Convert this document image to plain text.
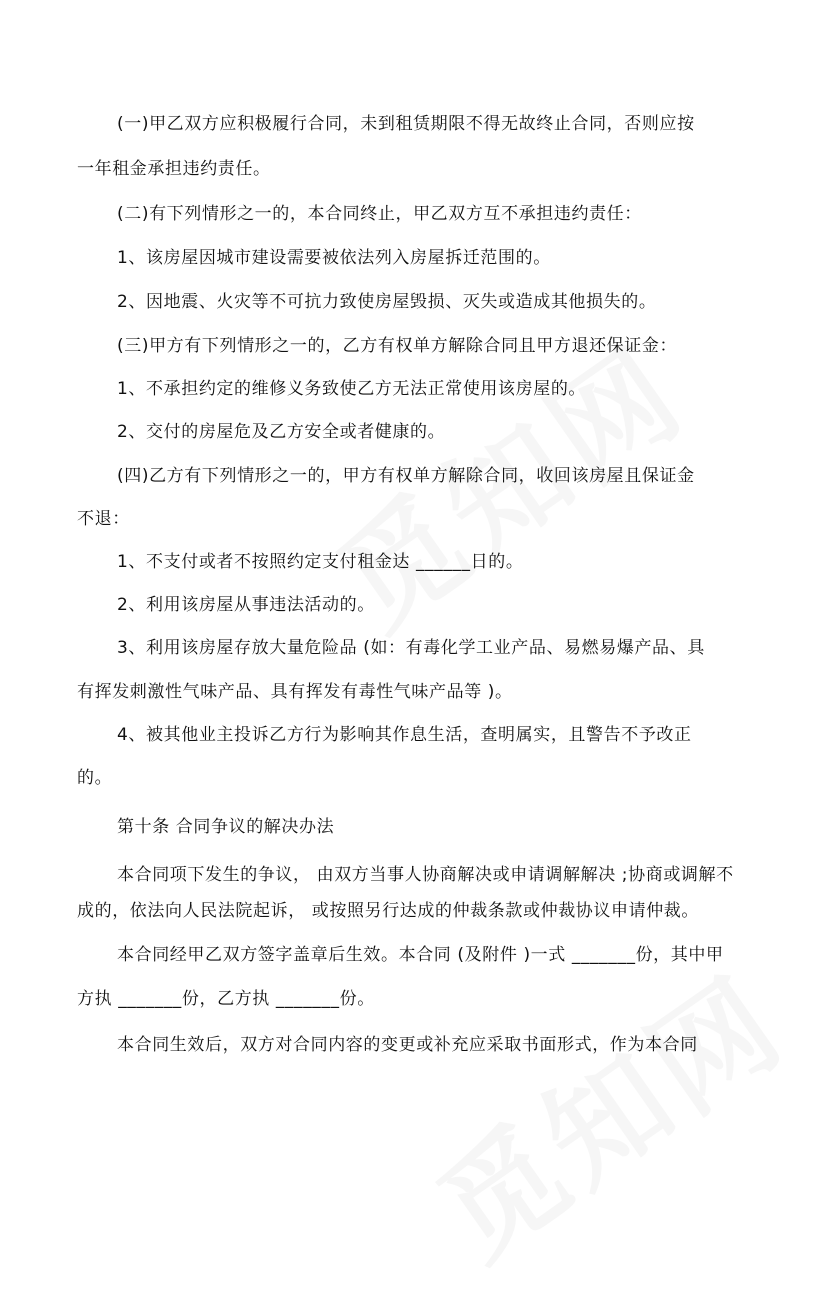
(一)甲乙双方应积极履行合同，未到租赁期限不得无故终止合同，否则应按
一年租金承担违约责任。
(二)有下列情形之一的，本合同终止，甲乙双方互不承担违约责任：
1、该房屋因城市建设需要被依法列入房屋拆迁范围的。
2、因地震、火灾等不可抗力致使房屋毁损、灭失或造成其他损失的。
(三)甲方有下列情形之一的，乙方有权单方解除合同且甲方退还保证金：
1、不承担约定的维修义务致使乙方无法正常使用该房屋的。
2、交付的房屋危及乙方安全或者健康的。
(四)乙方有下列情形之一的，甲方有权单方解除合同，收回该房屋且保证金
不退：
1、不支付或者不按照约定支付租金达 ______日的。
2、利用该房屋从事违法活动的。
3、利用该房屋存放大量危险品 (如：有毒化学工业产品、易燃易爆产品、具
有挥发刺激性气味产品、具有挥发有毒性气味产品等 )。
4、被其他业主投诉乙方行为影响其作息生活，查明属实，且警告不予改正
的。
第十条 合同争议的解决办法
本合同项下发生的争议， 由双方当事人协商解决或申请调解解决 ;协商或调解不
成的，依法向人民法院起诉， 或按照另行达成的仲裁条款或仲裁协议申请仲裁。
本合同经甲乙双方签字盖章后生效。本合同 (及附件 )一式 _______份，其中甲
方执 _______份，乙方执 _______份。
本合同生效后，双方对合同内容的变更或补充应采取书面形式，作为本合同
